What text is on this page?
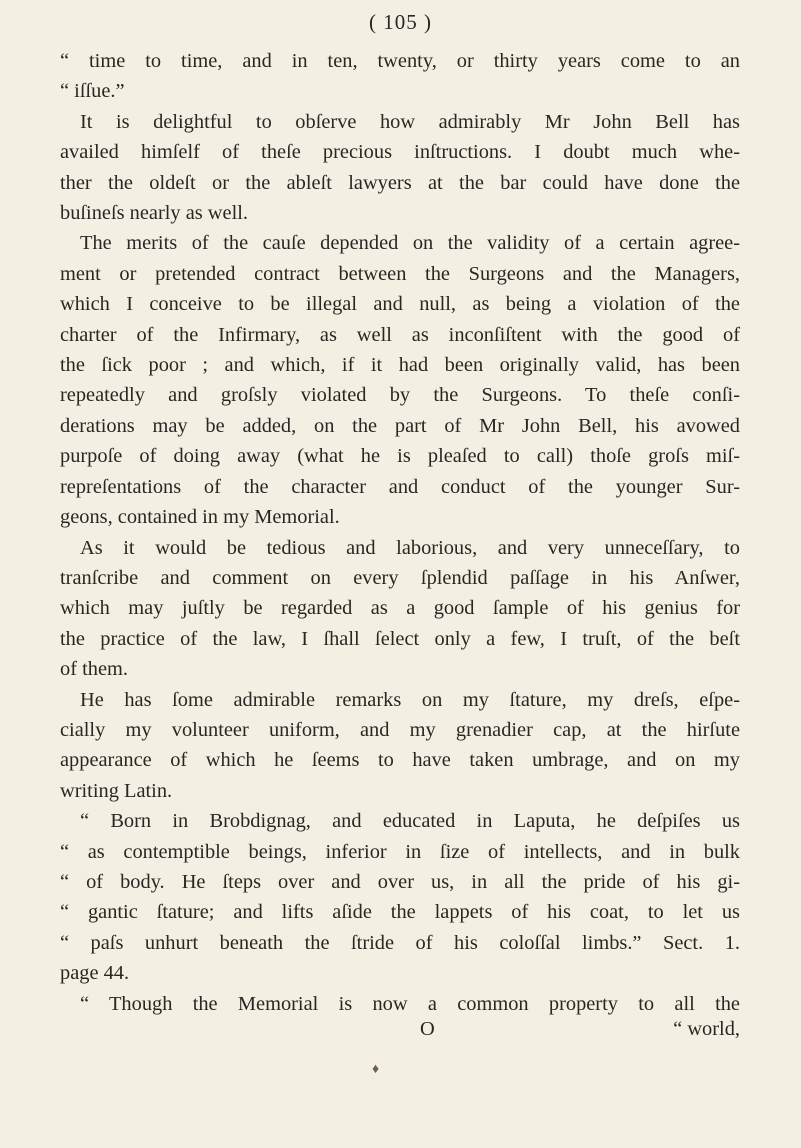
( 105 )
“ time to time, and in ten, twenty, or thirty years come to an
“ iſſue.”
It is delightful to obſerve how admirably Mr John Bell has
availed himſelf of theſe precious inſtructions. I doubt much whe-
ther the oldeſt or the ableſt lawyers at the bar could have done the
buſineſs nearly as well.
The merits of the cauſe depended on the validity of a certain agree-
ment or pretended contract between the Surgeons and the Managers,
which I conceive to be illegal and null, as being a violation of the
charter of the Infirmary, as well as inconſiſtent with the good of
the ſick poor ; and which, if it had been originally valid, has been
repeatedly and groſsly violated by the Surgeons. To theſe conſi-
derations may be added, on the part of Mr John Bell, his avowed
purpoſe of doing away (what he is pleaſed to call) thoſe groſs miſ-
repreſentations of the character and conduct of the younger Sur-
geons, contained in my Memorial.
As it would be tedious and laborious, and very unneceſſary, to
tranſcribe and comment on every ſplendid paſſage in his Anſwer,
which may juſtly be regarded as a good ſample of his genius for
the practice of the law, I ſhall ſelect only a few, I truſt, of the beſt
of them.
He has ſome admirable remarks on my ſtature, my dreſs, eſpe-
cially my volunteer uniform, and my grenadier cap, at the hirſute
appearance of which he ſeems to have taken umbrage, and on my
writing Latin.
“ Born in Brobdignag, and educated in Laputa, he deſpiſes us
“ as contemptible beings, inferior in ſize of intellects, and in bulk
“ of body. He ſteps over and over us, in all the pride of his gi-
“ gantic ſtature; and lifts aſide the lappets of his coat, to let us
“ paſs unhurt beneath the ſtride of his coloſſal limbs.” Sect. 1.
page 44.
“ Though the Memorial is now a common property to all the
O	“ world,
♦
